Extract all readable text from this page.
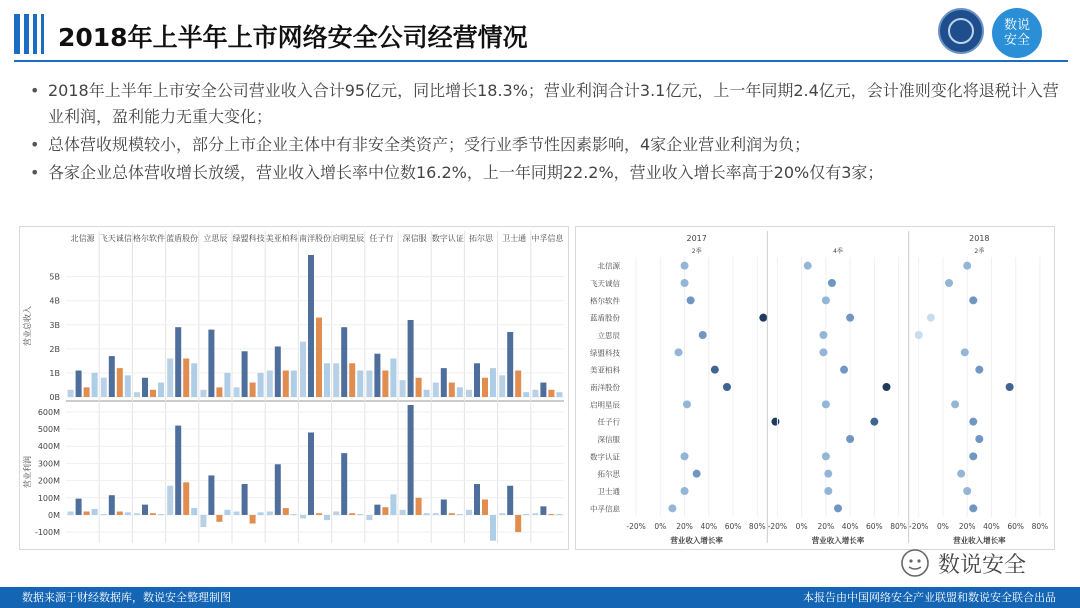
2018年上半年上市网络安全公司经营情况	数说安全
• 2018年上半年上市安全公司营业收入合计95亿元，同比增长18.3%；营业利润合计3.1亿元，上一年同期2.4亿元，会计准则变化将退税计入营业利润，盈利能力无重大变化；
• 总体营收规模较小，部分上市企业主体中有非安全类资产；受行业季节性因素影响，4家企业营业利润为负；
• 各家企业总体营收增长放缓，营业收入增长率中位数16.2%，上一年同期22.2%，营业收入增长率高于20%仅有3家；
北信源 飞天诚信 格尔软件 蓝盾股份 立思辰 绿盟科技 美亚柏科 南洋股份 启明星辰 任子行 深信服 数字认证 拓尔思 卫士通 中孚信息
0B
1B
2B
3B
4B
5B
营业总收入
-100M
0M
100M
200M
300M
400M
500M
600M
营业利润
北信源
飞天诚信
格尔软件
蓝盾股份
立思辰
绿盟科技
美亚柏科
南洋股份
启明星辰
任子行
深信服
数字认证
拓尔思
卫士通
中孚信息
2017
2季
-20% 0% 20% 40% 60% 80%
营业收入增长率
4季
-20% 0% 20% 40% 60% 80%
营业收入增长率
2018
2季
-20% 0% 20% 40% 60% 80%
营业收入增长率
数说安全
数据来源于财经数据库，数说安全整理制图	本报告由中国网络安全产业联盟和数说安全联合出品
